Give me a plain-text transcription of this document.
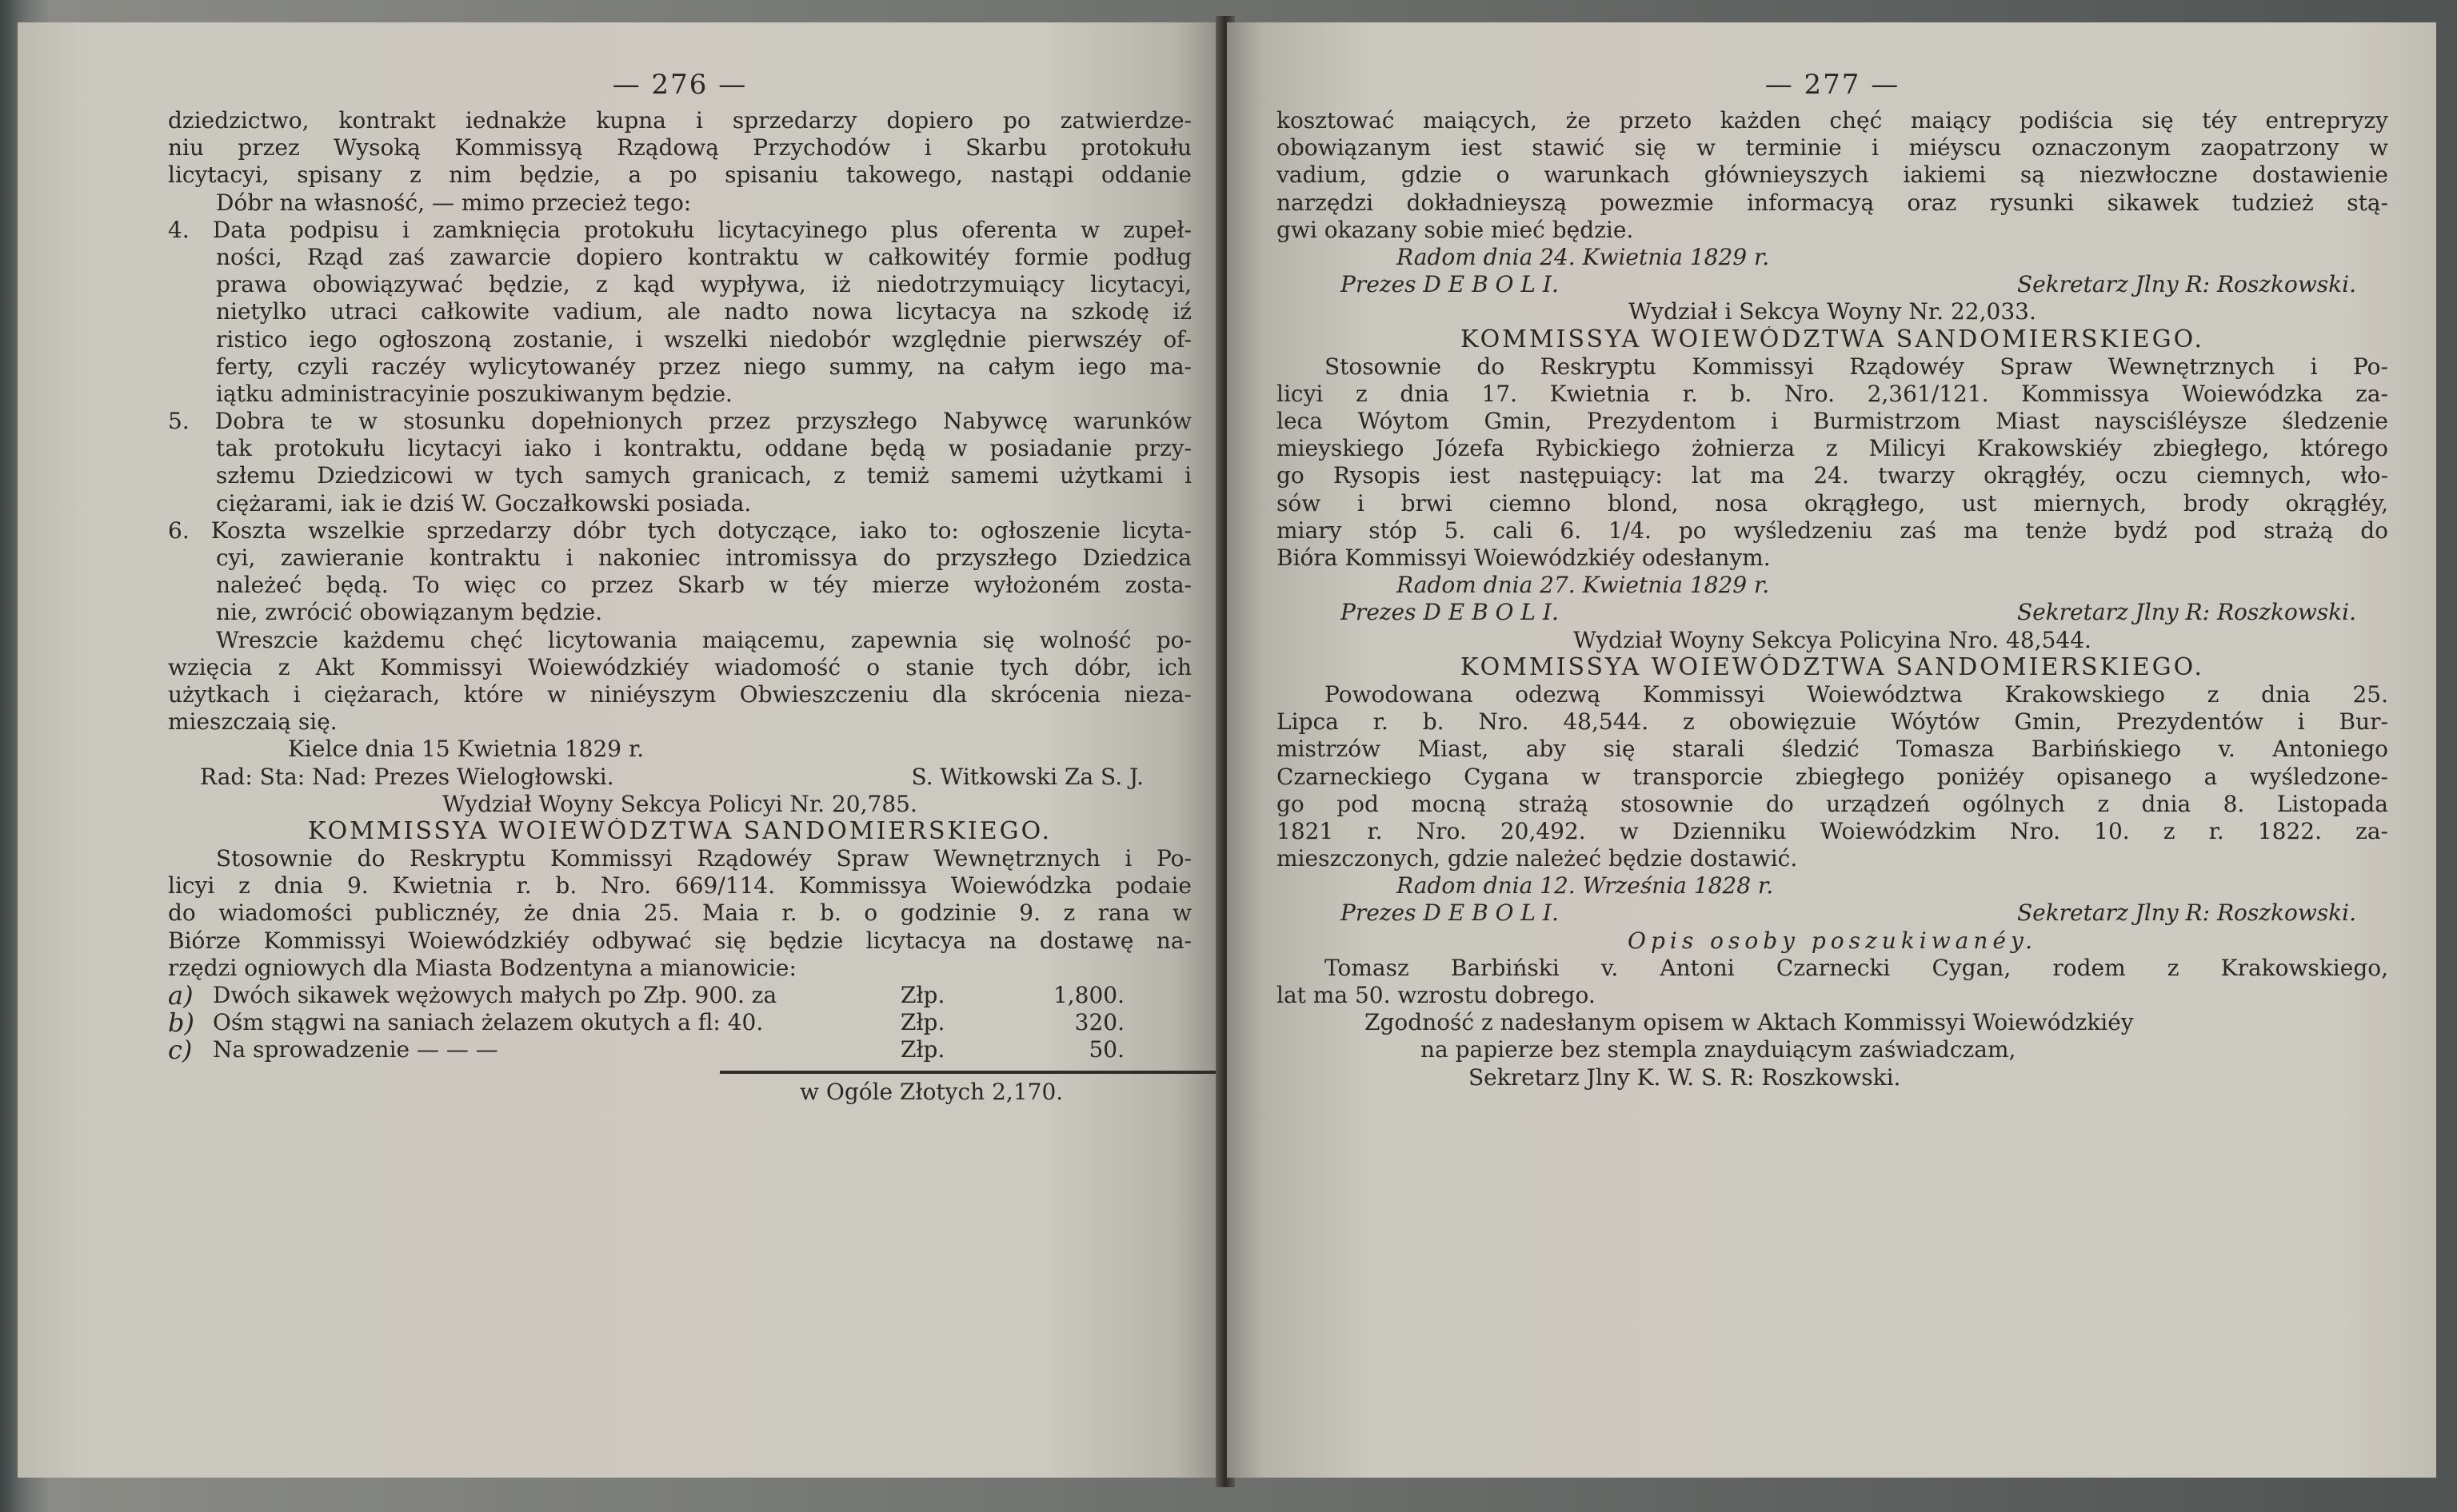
— 276 —
dziedzictwo, kontrakt iednakże kupna i sprzedarzy dopiero po zatwierdze-
niu przez Wysoką Kommissyą Rządową Przychodów i Skarbu protokułu
licytacyi, spisany z nim będzie, a po spisaniu takowego, nastąpi oddanie
Dóbr na własność, — mimo przecież tego:
4. Data podpisu i zamknięcia protokułu licytacyinego plus oferenta w zupeł-
ności, Rząd zaś zawarcie dopiero kontraktu w całkowitéy formie podług
prawa obowiązywać będzie, z kąd wypływa, iż niedotrzymuiący licytacyi,
nietylko utraci całkowite vadium, ale nadto nowa licytacya na szkodę iź
ristico iego ogłoszoną zostanie, i wszelki niedobór względnie pierwszéy of-
ferty, czyli raczéy wylicytowanéy przez niego summy, na całym iego ma-
iątku administracyinie poszukiwanym będzie.
5. Dobra te w stosunku dopełnionych przez przyszłego Nabywcę warunków
tak protokułu licytacyi iako i kontraktu, oddane będą w posiadanie przy-
szłemu Dziedzicowi w tych samych granicach, z temiż samemi użytkami i
ciężarami, iak ie dziś W. Goczałkowski posiada.
6. Koszta wszelkie sprzedarzy dóbr tych dotyczące, iako to: ogłoszenie licyta-
cyi, zawieranie kontraktu i nakoniec intromissya do przyszłego Dziedzica
należeć będą. To więc co przez Skarb w téy mierze wyłożoném zosta-
nie, zwrócić obowiązanym będzie.
Wreszcie każdemu chęć licytowania maiącemu, zapewnia się wolność po-
wzięcia z Akt Kommissyi Woiewódzkiéy wiadomość o stanie tych dóbr, ich
użytkach i ciężarach, które w niniéyszym Obwieszczeniu dla skrócenia nieza-
mieszczaią się.
Kielce dnia 15 Kwietnia 1829 r.
Rad: Sta: Nad: Prezes Wielogłowski.	S. Witkowski Za S. J.
Wydział Woyny Sekcya Policyi Nr. 20,785.
KOMMISSYA WOIEWÓDZTWA SANDOMIERSKIEGO.
Stosownie do Reskryptu Kommissyi Rządowéy Spraw Wewnętrznych i Po-
licyi z dnia 9. Kwietnia r. b. Nro. 669/114. Kommissya Woiewódzka podaie
do wiadomości publicznéy, że dnia 25. Maia r. b. o godzinie 9. z rana w
Biórze Kommissyi Woiewódzkiéy odbywać się będzie licytacya na dostawę na-
rzędzi ogniowych dla Miasta Bodzentyna a mianowicie:
a) Dwóch sikawek wężowych małych po Złp. 900. za	Złp.	1,800.
b) Ośm stągwi na saniach żelazem okutych a fl: 40.	Złp.	320.
c) Na sprowadzenie — — —	Złp.	50.
w Ogóle Złotych 2,170.
— 277 —
kosztować maiących, że przeto każden chęć maiący podiścia się téy entrepryzy
obowiązanym iest stawić się w terminie i miéyscu oznaczonym zaopatrzony w
vadium, gdzie o warunkach głównieyszych iakiemi są niezwłoczne dostawienie
narzędzi dokładnieyszą powezmie informacyą oraz rysunki sikawek tudzież stą-
gwi okazany sobie mieć będzie.
Radom dnia 24. Kwietnia 1829 r.
Prezes D E B O L I.	Sekretarz Jlny R: Roszkowski.
Wydział i Sekcya Woyny Nr. 22,033.
KOMMISSYA WOIEWÓDZTWA SANDOMIERSKIEGO.
Stosownie do Reskryptu Kommissyi Rządowéy Spraw Wewnętrznych i Po-
licyi z dnia 17. Kwietnia r. b. Nro. 2,361/121. Kommissya Woiewódzka za-
leca Wóytom Gmin, Prezydentom i Burmistrzom Miast naysciśléysze śledzenie
mieyskiego Józefa Rybickiego żołnierza z Milicyi Krakowskiéy zbiegłego, którego
go Rysopis iest następuiący: lat ma 24. twarzy okrągłéy, oczu ciemnych, wło-
sów i brwi ciemno blond, nosa okrągłego, ust miernych, brody okrągłéy,
miary stóp 5. cali 6. 1/4. po wyśledzeniu zaś ma tenże bydź pod strażą do
Bióra Kommissyi Woiewódzkiéy odesłanym.
Radom dnia 27. Kwietnia 1829 r.
Prezes D E B O L I.	Sekretarz Jlny R: Roszkowski.
Wydział Woyny Sekcya Policyina Nro. 48,544.
KOMMISSYA WOIEWÓDZTWA SANDOMIERSKIEGO.
Powodowana odezwą Kommissyi Woiewództwa Krakowskiego z dnia 25.
Lipca r. b. Nro. 48,544. z obowięzuie Wóytów Gmin, Prezydentów i Bur-
mistrzów Miast, aby się starali śledzić Tomasza Barbińskiego v. Antoniego
Czarneckiego Cygana w transporcie zbiegłego poniżéy opisanego a wyśledzone-
go pod mocną strażą stosownie do urządzeń ogólnych z dnia 8. Listopada
1821 r. Nro. 20,492. w Dzienniku Woiewódzkim Nro. 10. z r. 1822. za-
mieszczonych, gdzie należeć będzie dostawić.
Radom dnia 12. Września 1828 r.
Prezes D E B O L I.	Sekretarz Jlny R: Roszkowski.
Opis osoby poszukiwanéy.
Tomasz Barbiński v. Antoni Czarnecki Cygan, rodem z Krakowskiego,
lat ma 50. wzrostu dobrego.
Zgodność z nadesłanym opisem w Aktach Kommissyi Woiewódzkiéy
na papierze bez stempla znayduiącym zaświadczam,
Sekretarz Jlny K. W. S. R: Roszkowski.
